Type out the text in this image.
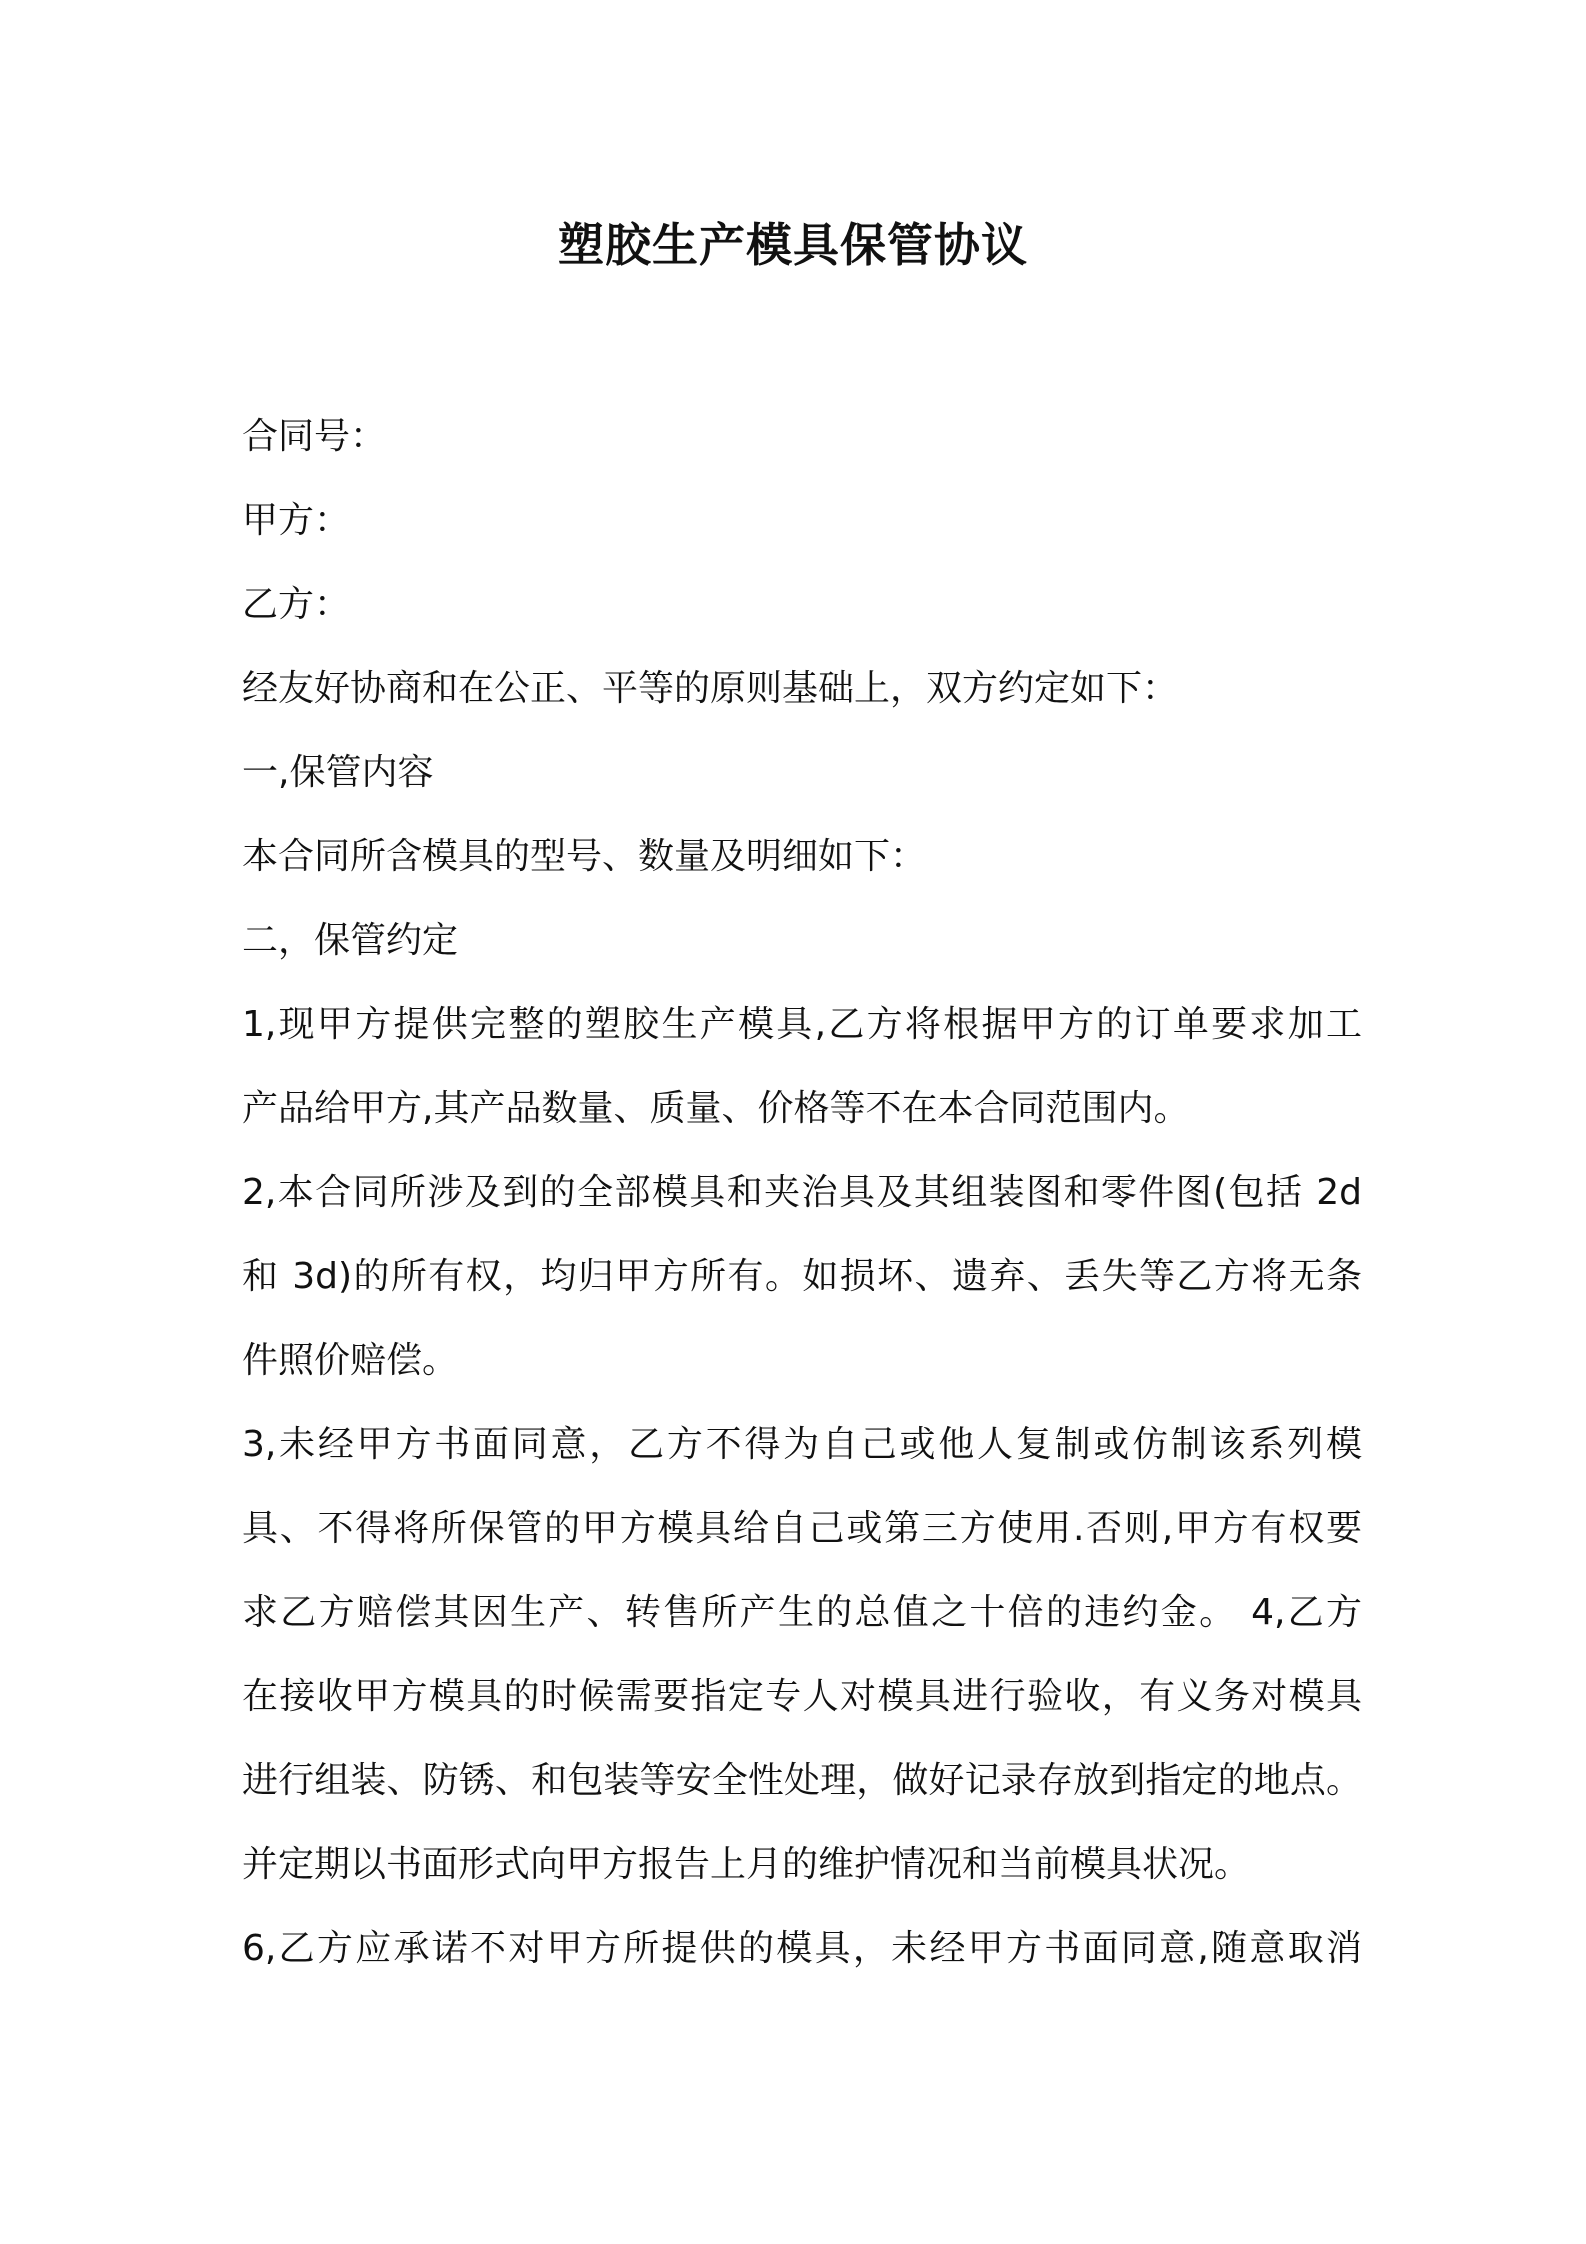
塑胶生产模具保管协议

合同号：

甲方：

乙方：

经友好协商和在公正、平等的原则基础上，双方约定如下：

一,保管内容

本合同所含模具的型号、数量及明细如下：

二，保管约定

1,现甲方提供完整的塑胶生产模具,乙方将根据甲方的订单要求加工

产品给甲方,其产品数量、质量、价格等不在本合同范围内。

2,本合同所涉及到的全部模具和夹治具及其组装图和零件图(包括 2d

和 3d)的所有权，均归甲方所有。如损坏、遗弃、丢失等乙方将无条

件照价赔偿。

3,未经甲方书面同意，乙方不得为自己或他人复制或仿制该系列模

具、不得将所保管的甲方模具给自己或第三方使用.否则,甲方有权要

求乙方赔偿其因生产、转售所产生的总值之十倍的违约金。 4,乙方

在接收甲方模具的时候需要指定专人对模具进行验收，有义务对模具

进行组装、防锈、和包装等安全性处理，做好记录存放到指定的地点。

并定期以书面形式向甲方报告上月的维护情况和当前模具状况。

6,乙方应承诺不对甲方所提供的模具，未经甲方书面同意,随意取消
